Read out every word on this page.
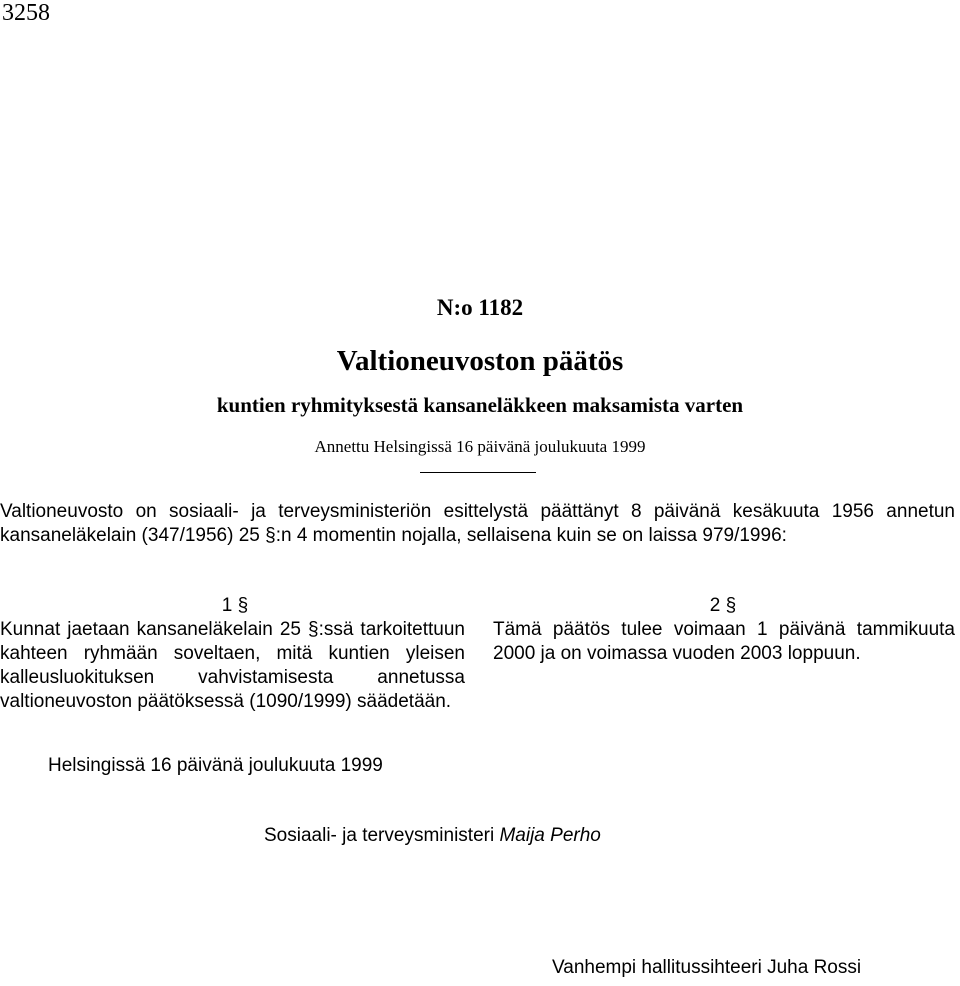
3258
N:o 1182
Valtioneuvoston päätös
kuntien ryhmityksestä kansaneläkkeen maksamista varten
Annettu Helsingissä 16 päivänä joulukuuta 1999
Valtioneuvosto on sosiaali- ja terveysministeriön esittelystä päättänyt 8 päivänä kesäkuuta 1956 annetun kansaneläkelain (347/1956) 25 §:n 4 momentin nojalla, sellaisena kuin se on laissa 979/1996:
1 §
Kunnat jaetaan kansaneläkelain 25 §:ssä tarkoitettuun kahteen ryhmään soveltaen, mitä kuntien yleisen kalleusluokituksen vahvistamisesta annetussa valtioneuvoston päätöksessä (1090/1999) säädetään.
2 §
Tämä päätös tulee voimaan 1 päivänä tammikuuta 2000 ja on voimassa vuoden 2003 loppuun.
Helsingissä 16 päivänä joulukuuta 1999
Sosiaali- ja terveysministeri Maija Perho
Vanhempi hallitussihteeri Juha Rossi
